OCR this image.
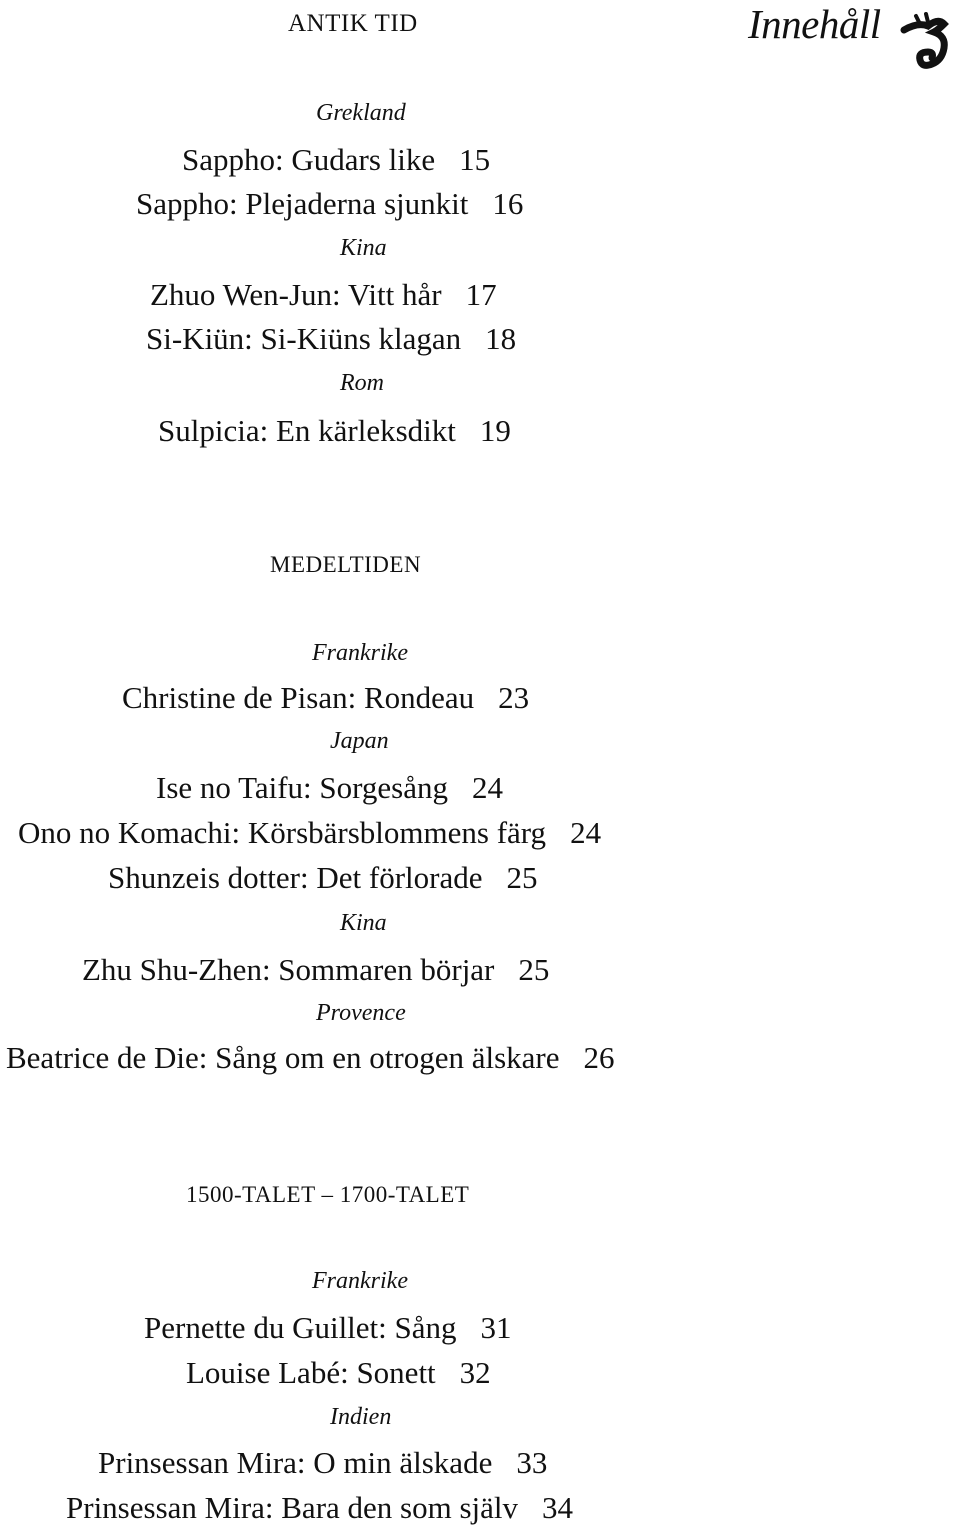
ANTIK TID	Innehåll
Grekland
Sappho: Gudars like 15
Sappho: Plejaderna sjunkit 16
Kina
Zhuo Wen-Jun: Vitt hår 17
Si-Kiün: Si-Kiüns klagan 18
Rom
Sulpicia: En kärleksdikt 19
MEDELTIDEN
Frankrike
Christine de Pisan: Rondeau 23
Japan
Ise no Taifu: Sorgesång 24
Ono no Komachi: Körsbärsblommens färg 24
Shunzeis dotter: Det förlorade 25
Kina
Zhu Shu-Zhen: Sommaren börjar 25
Provence
Beatrice de Die: Sång om en otrogen älskare 26
1500-TALET – 1700-TALET
Frankrike
Pernette du Guillet: Sång 31
Louise Labé: Sonett 32
Indien
Prinsessan Mira: O min älskade 33
Prinsessan Mira: Bara den som själv 34
